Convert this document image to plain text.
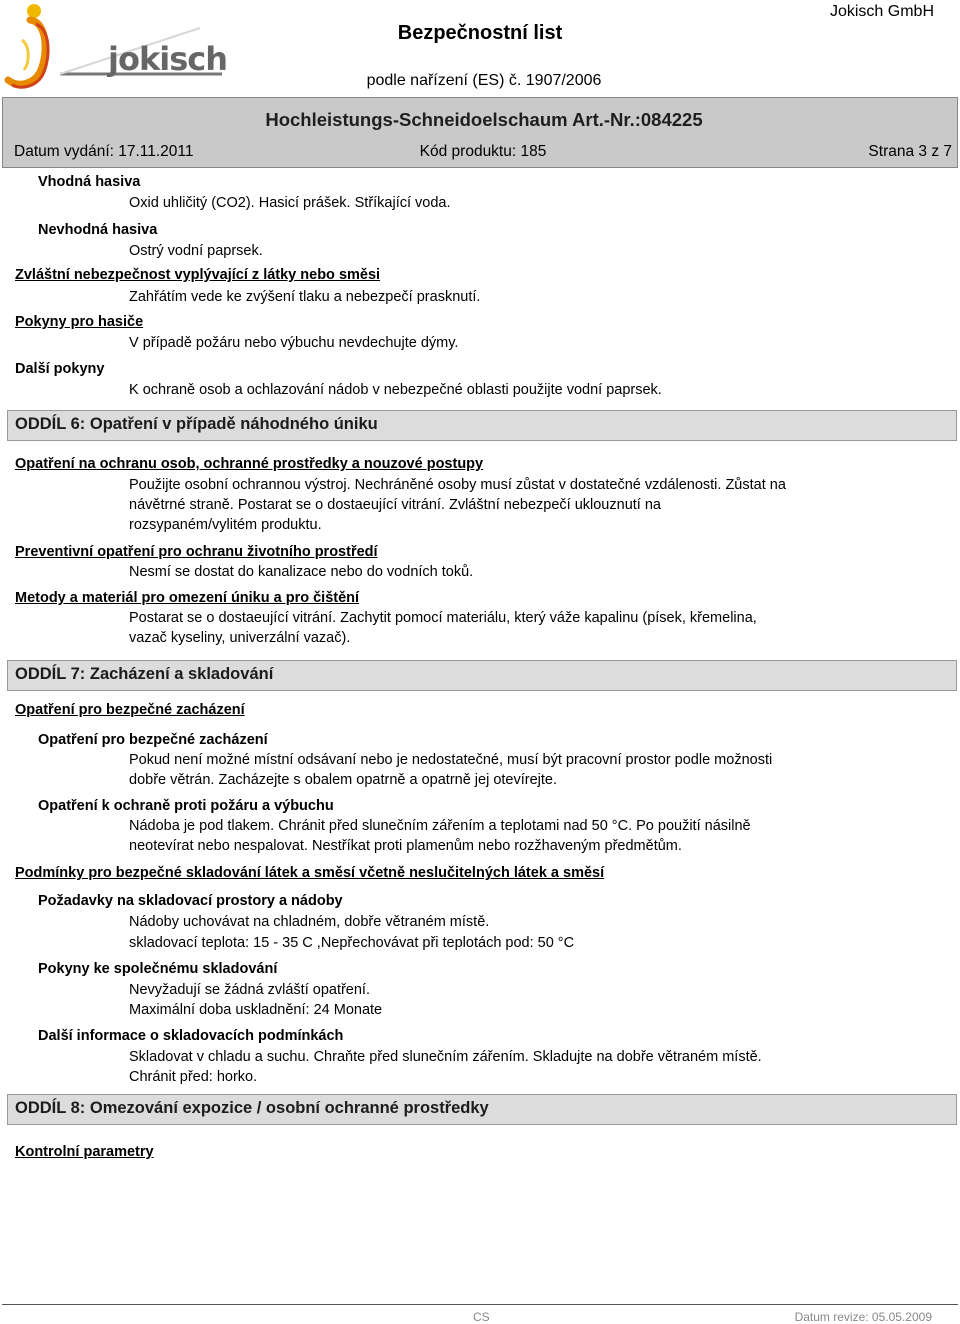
jokisch
Bezpečnostní list
Jokisch GmbH
podle nařízení (ES) č. 1907/2006
Hochleistungs-Schneidoelschaum Art.-Nr.:084225
Datum vydání: 17.11.2011	Kód produktu: 185	Strana 3 z 7
Vhodná hasiva
Oxid uhličitý (CO2). Hasicí prášek. Stříkající voda.
Nevhodná hasiva
Ostrý vodní paprsek.
Zvláštní nebezpečnost vyplývající z látky nebo směsi
Zahřátím vede ke zvýšení tlaku a nebezpečí prasknutí.
Pokyny pro hasiče
V případě požáru nebo výbuchu nevdechujte dýmy.
Další pokyny
K ochraně osob a ochlazování nádob v nebezpečné oblasti použijte vodní paprsek.
ODDÍL 6: Opatření v případě náhodného úniku
Opatření na ochranu osob, ochranné prostředky a nouzové postupy
Použijte osobní ochrannou výstroj. Nechráněné osoby musí zůstat v dostatečné vzdálenosti. Zůstat na
návětrné straně. Postarat se o dostaeující vitrání. Zvláštní nebezpečí uklouznutí na
rozsypaném/vylitém produktu.
Preventivní opatření pro ochranu životního prostředí
Nesmí se dostat do kanalizace nebo do vodních toků.
Metody a materiál pro omezení úniku a pro čištění
Postarat se o dostaeující vitrání. Zachytit pomocí materiálu, který váže kapalinu (písek, křemelina,
vazač kyseliny, univerzální vazač).
ODDÍL 7: Zacházení a skladování
Opatření pro bezpečné zacházení
Opatření pro bezpečné zacházení
Pokud není možné místní odsávaní nebo je nedostatečné, musí být pracovní prostor podle možnosti
dobře větrán. Zacházejte s obalem opatrně a opatrně jej otevírejte.
Opatření k ochraně proti požáru a výbuchu
Nádoba je pod tlakem. Chránit před slunečním zářením a teplotami nad 50 °C. Po použití násilně
neotevírat nebo nespalovat. Nestříkat proti plamenům nebo rozžhaveným předmětům.
Podmínky pro bezpečné skladování látek a směsí včetně neslučitelných látek a směsí
Požadavky na skladovací prostory a nádoby
Nádoby uchovávat na chladném, dobře větraném místě.
skladovací teplota: 15 - 35 C ,Nepřechovávat při teplotách pod: 50 °C
Pokyny ke společnému skladování
Nevyžadují se žádná zvláští opatření.
Maximální doba uskladnění: 24 Monate
Další informace o skladovacích podmínkách
Skladovat v chladu a suchu. Chraňte před slunečním zářením. Skladujte na dobře větraném místě.
Chránit před: horko.
ODDÍL 8: Omezování expozice / osobní ochranné prostředky
Kontrolní parametry
CS	Datum revize: 05.05.2009
